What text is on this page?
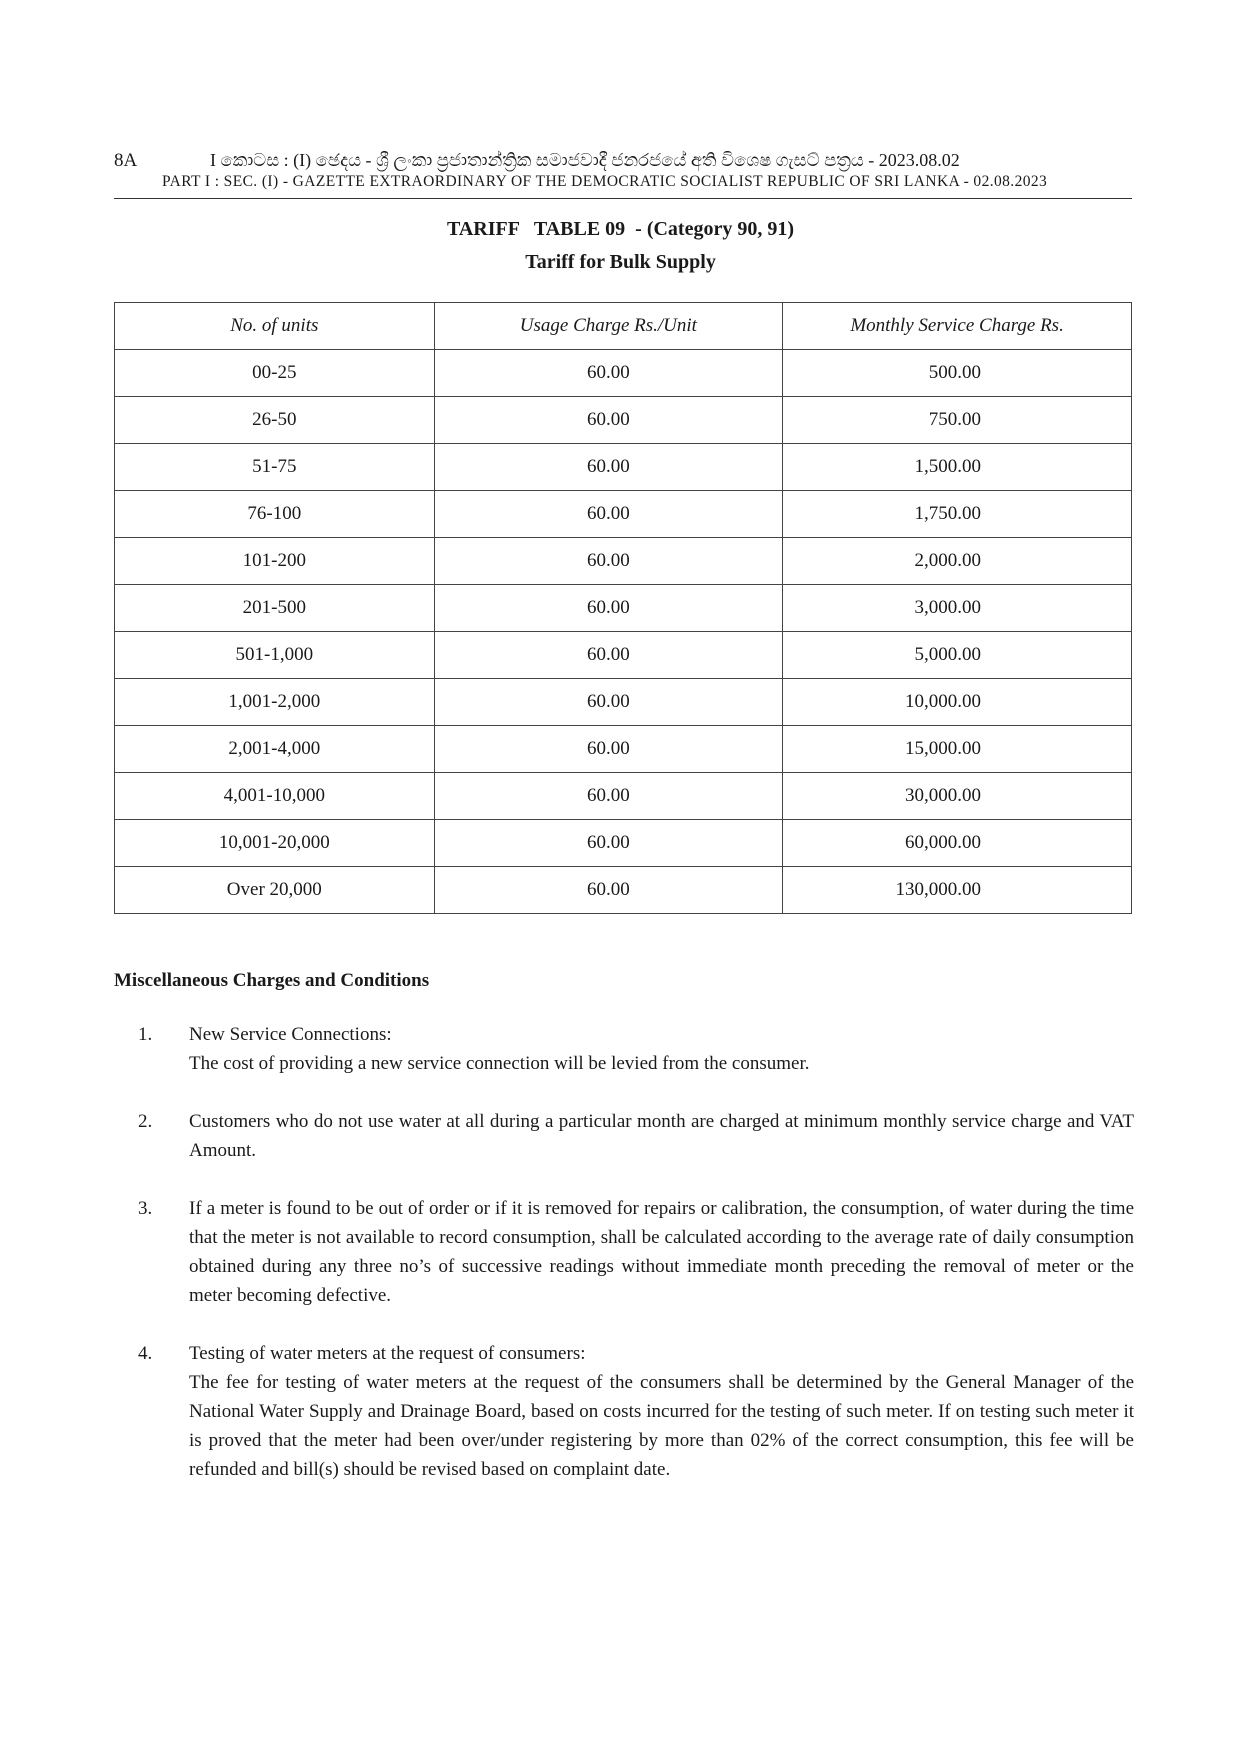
8A	I කොටස : (I) ඡෙදය - ශ්‍රී ලංකා ප්‍රජාතාන්ත්‍රික සමාජවාදී ජනරජයේ අති විශෙෂ ගැසට් පත්‍රය - 2023.08.02
PART I : SEC. (I) - GAZETTE EXTRAORDINARY OF THE DEMOCRATIC SOCIALIST REPUBLIC OF SRI LANKA - 02.08.2023
TARIFF   TABLE 09  - (Category 90, 91)
Tariff for Bulk Supply
No. of units	Usage Charge Rs./Unit	Monthly Service Charge Rs.
00-25	60.00	500.00
26-50	60.00	750.00
51-75	60.00	1,500.00
76-100	60.00	1,750.00
101-200	60.00	2,000.00
201-500	60.00	3,000.00
501-1,000	60.00	5,000.00
1,001-2,000	60.00	10,000.00
2,001-4,000	60.00	15,000.00
4,001-10,000	60.00	30,000.00
10,001-20,000	60.00	60,000.00
Over 20,000	60.00	130,000.00
Miscellaneous Charges and Conditions
1. New Service Connections:

The cost of providing a new service connection will be levied from the consumer.

2. Customers who do not use water at all during a particular month are charged at minimum monthly service charge and VAT Amount.

3. If a meter is found to be out of order or if it is removed for repairs or calibration, the consumption, of water during the time that the meter is not available to record consumption, shall be calculated according to the average rate of daily consumption obtained during any three no’s of successive readings without immediate month preceding the removal of meter or the meter becoming defective.

4. Testing of water meters at the request of consumers:

The fee for testing of water meters at the request of the consumers shall be determined by the General Manager of the National Water Supply and Drainage Board, based on costs incurred for the testing of such meter. If on testing such meter it is proved that the meter had been over/under registering by more than 02% of the correct consumption, this fee will be refunded and bill(s) should be revised based on complaint date.
